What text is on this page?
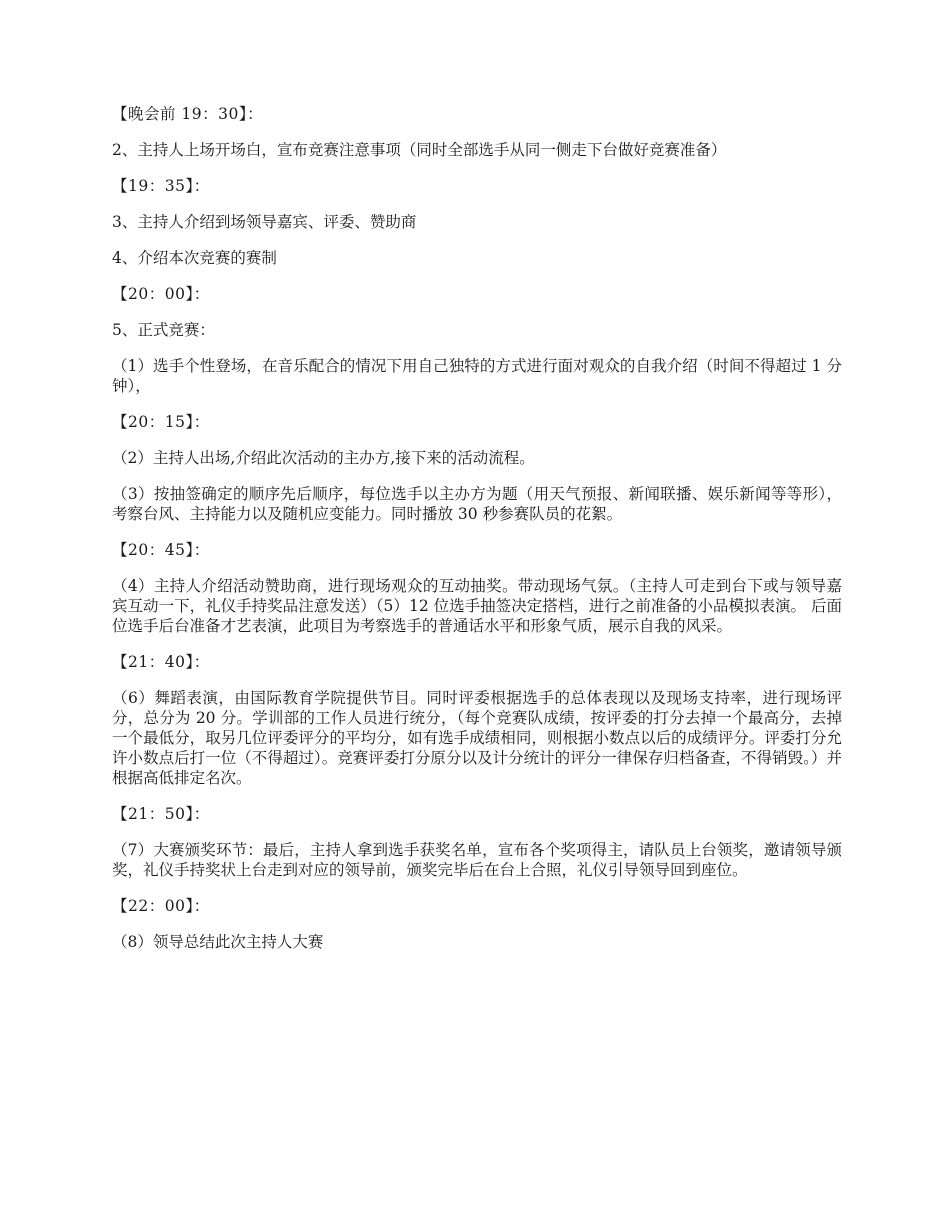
【晚会前 19：30】：

2、主持人上场开场白，宣布竞赛注意事项（同时全部选手从同一侧走下台做好竞赛准备）

【19：35】：

3、主持人介绍到场领导嘉宾、评委、赞助商

4、介绍本次竞赛的赛制

【20：00】：

5、正式竞赛：

（1）选手个性登场，在音乐配合的情况下用自己独特的方式进行面对观众的自我介绍（时间不得超过 1 分钟），

【20：15】：

（2）主持人出场,介绍此次活动的主办方,接下来的活动流程。

（3）按抽签确定的顺序先后顺序，每位选手以主办方为题（用天气预报、新闻联播、娱乐新闻等等形），考察台风、主持能力以及随机应变能力。同时播放 30 秒参赛队员的花絮。

【20：45】：

（4）主持人介绍活动赞助商，进行现场观众的互动抽奖。带动现场气氛。（主持人可走到台下或与领导嘉宾互动一下，礼仪手持奖品注意发送）（5）12 位选手抽签决定搭档，进行之前准备的小品模拟表演。 后面位选手后台准备才艺表演，此项目为考察选手的普通话水平和形象气质，展示自我的风采。

【21：40】：

（6）舞蹈表演，由国际教育学院提供节目。同时评委根据选手的总体表现以及现场支持率，进行现场评分，总分为 20 分。学训部的工作人员进行统分，（每个竞赛队成绩，按评委的打分去掉一个最高分，去掉一个最低分，取另几位评委评分的平均分，如有选手成绩相同，则根据小数点以后的成绩评分。评委打分允许小数点后打一位（不得超过）。竞赛评委打分原分以及计分统计的评分一律保存归档备查，不得销毁。）并根据高低排定名次。

【21：50】：

（7）大赛颁奖环节：最后，主持人拿到选手获奖名单，宣布各个奖项得主，请队员上台领奖，邀请领导颁奖，礼仪手持奖状上台走到对应的领导前，颁奖完毕后在台上合照，礼仪引导领导回到座位。

【22：00】：

（8）领导总结此次主持人大赛
